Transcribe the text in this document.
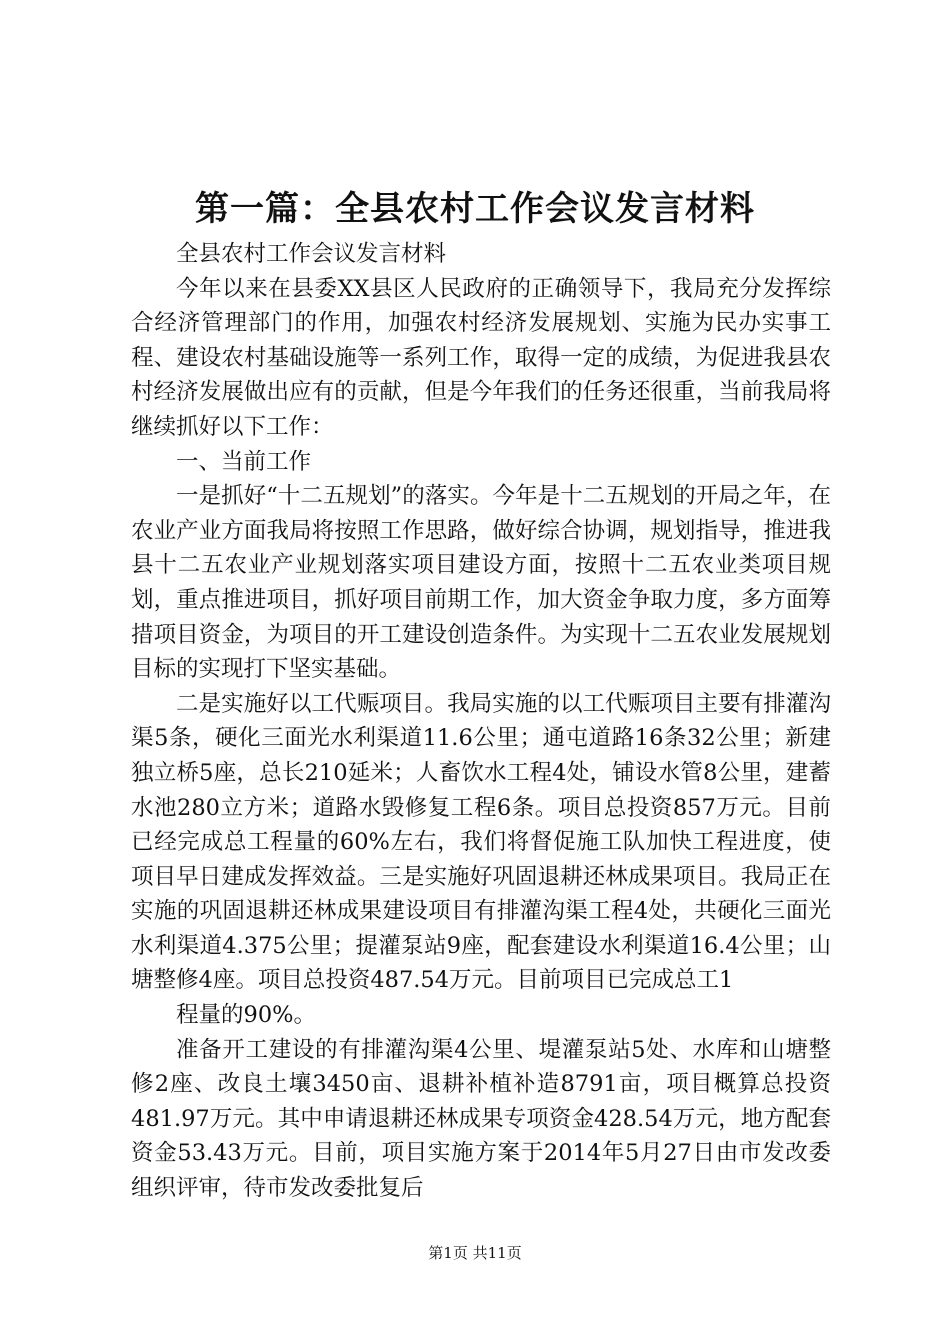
第一篇：全县农村工作会议发言材料

全县农村工作会议发言材料

今年以来在县委XX县区人民政府的正确领导下，我局充分发挥综合经济管理部门的作用，加强农村经济发展规划、实施为民办实事工程、建设农村基础设施等一系列工作，取得一定的成绩，为促进我县农村经济发展做出应有的贡献，但是今年我们的任务还很重，当前我局将继续抓好以下工作：

一、当前工作

一是抓好“十二五规划”的落实。今年是十二五规划的开局之年，在农业产业方面我局将按照工作思路，做好综合协调，规划指导，推进我县十二五农业产业规划落实项目建设方面，按照十二五农业类项目规划，重点推进项目，抓好项目前期工作，加大资金争取力度，多方面筹措项目资金，为项目的开工建设创造条件。为实现十二五农业发展规划目标的实现打下坚实基础。

二是实施好以工代赈项目。我局实施的以工代赈项目主要有排灌沟渠5条，硬化三面光水利渠道11.6公里；通屯道路16条32公里；新建独立桥5座，总长210延米；人畜饮水工程4处，铺设水管8公里，建蓄水池280立方米；道路水毁修复工程6条。项目总投资857万元。目前已经完成总工程量的60%左右，我们将督促施工队加快工程进度，使项目早日建成发挥效益。三是实施好巩固退耕还林成果项目。我局正在实施的巩固退耕还林成果建设项目有排灌沟渠工程4处，共硬化三面光水利渠道4.375公里；提灌泵站9座，配套建设水利渠道16.4公里；山塘整修4座。项目总投资487.54万元。目前项目已完成总工1

程量的90%。

准备开工建设的有排灌沟渠4公里、堤灌泵站5处、水库和山塘整修2座、改良土壤3450亩、退耕补植补造8791亩，项目概算总投资481.97万元。其中申请退耕还林成果专项资金428.54万元，地方配套资金53.43万元。目前，项目实施方案于2014年5月27日由市发改委组织评审，待市发改委批复后

第1页 共11页
